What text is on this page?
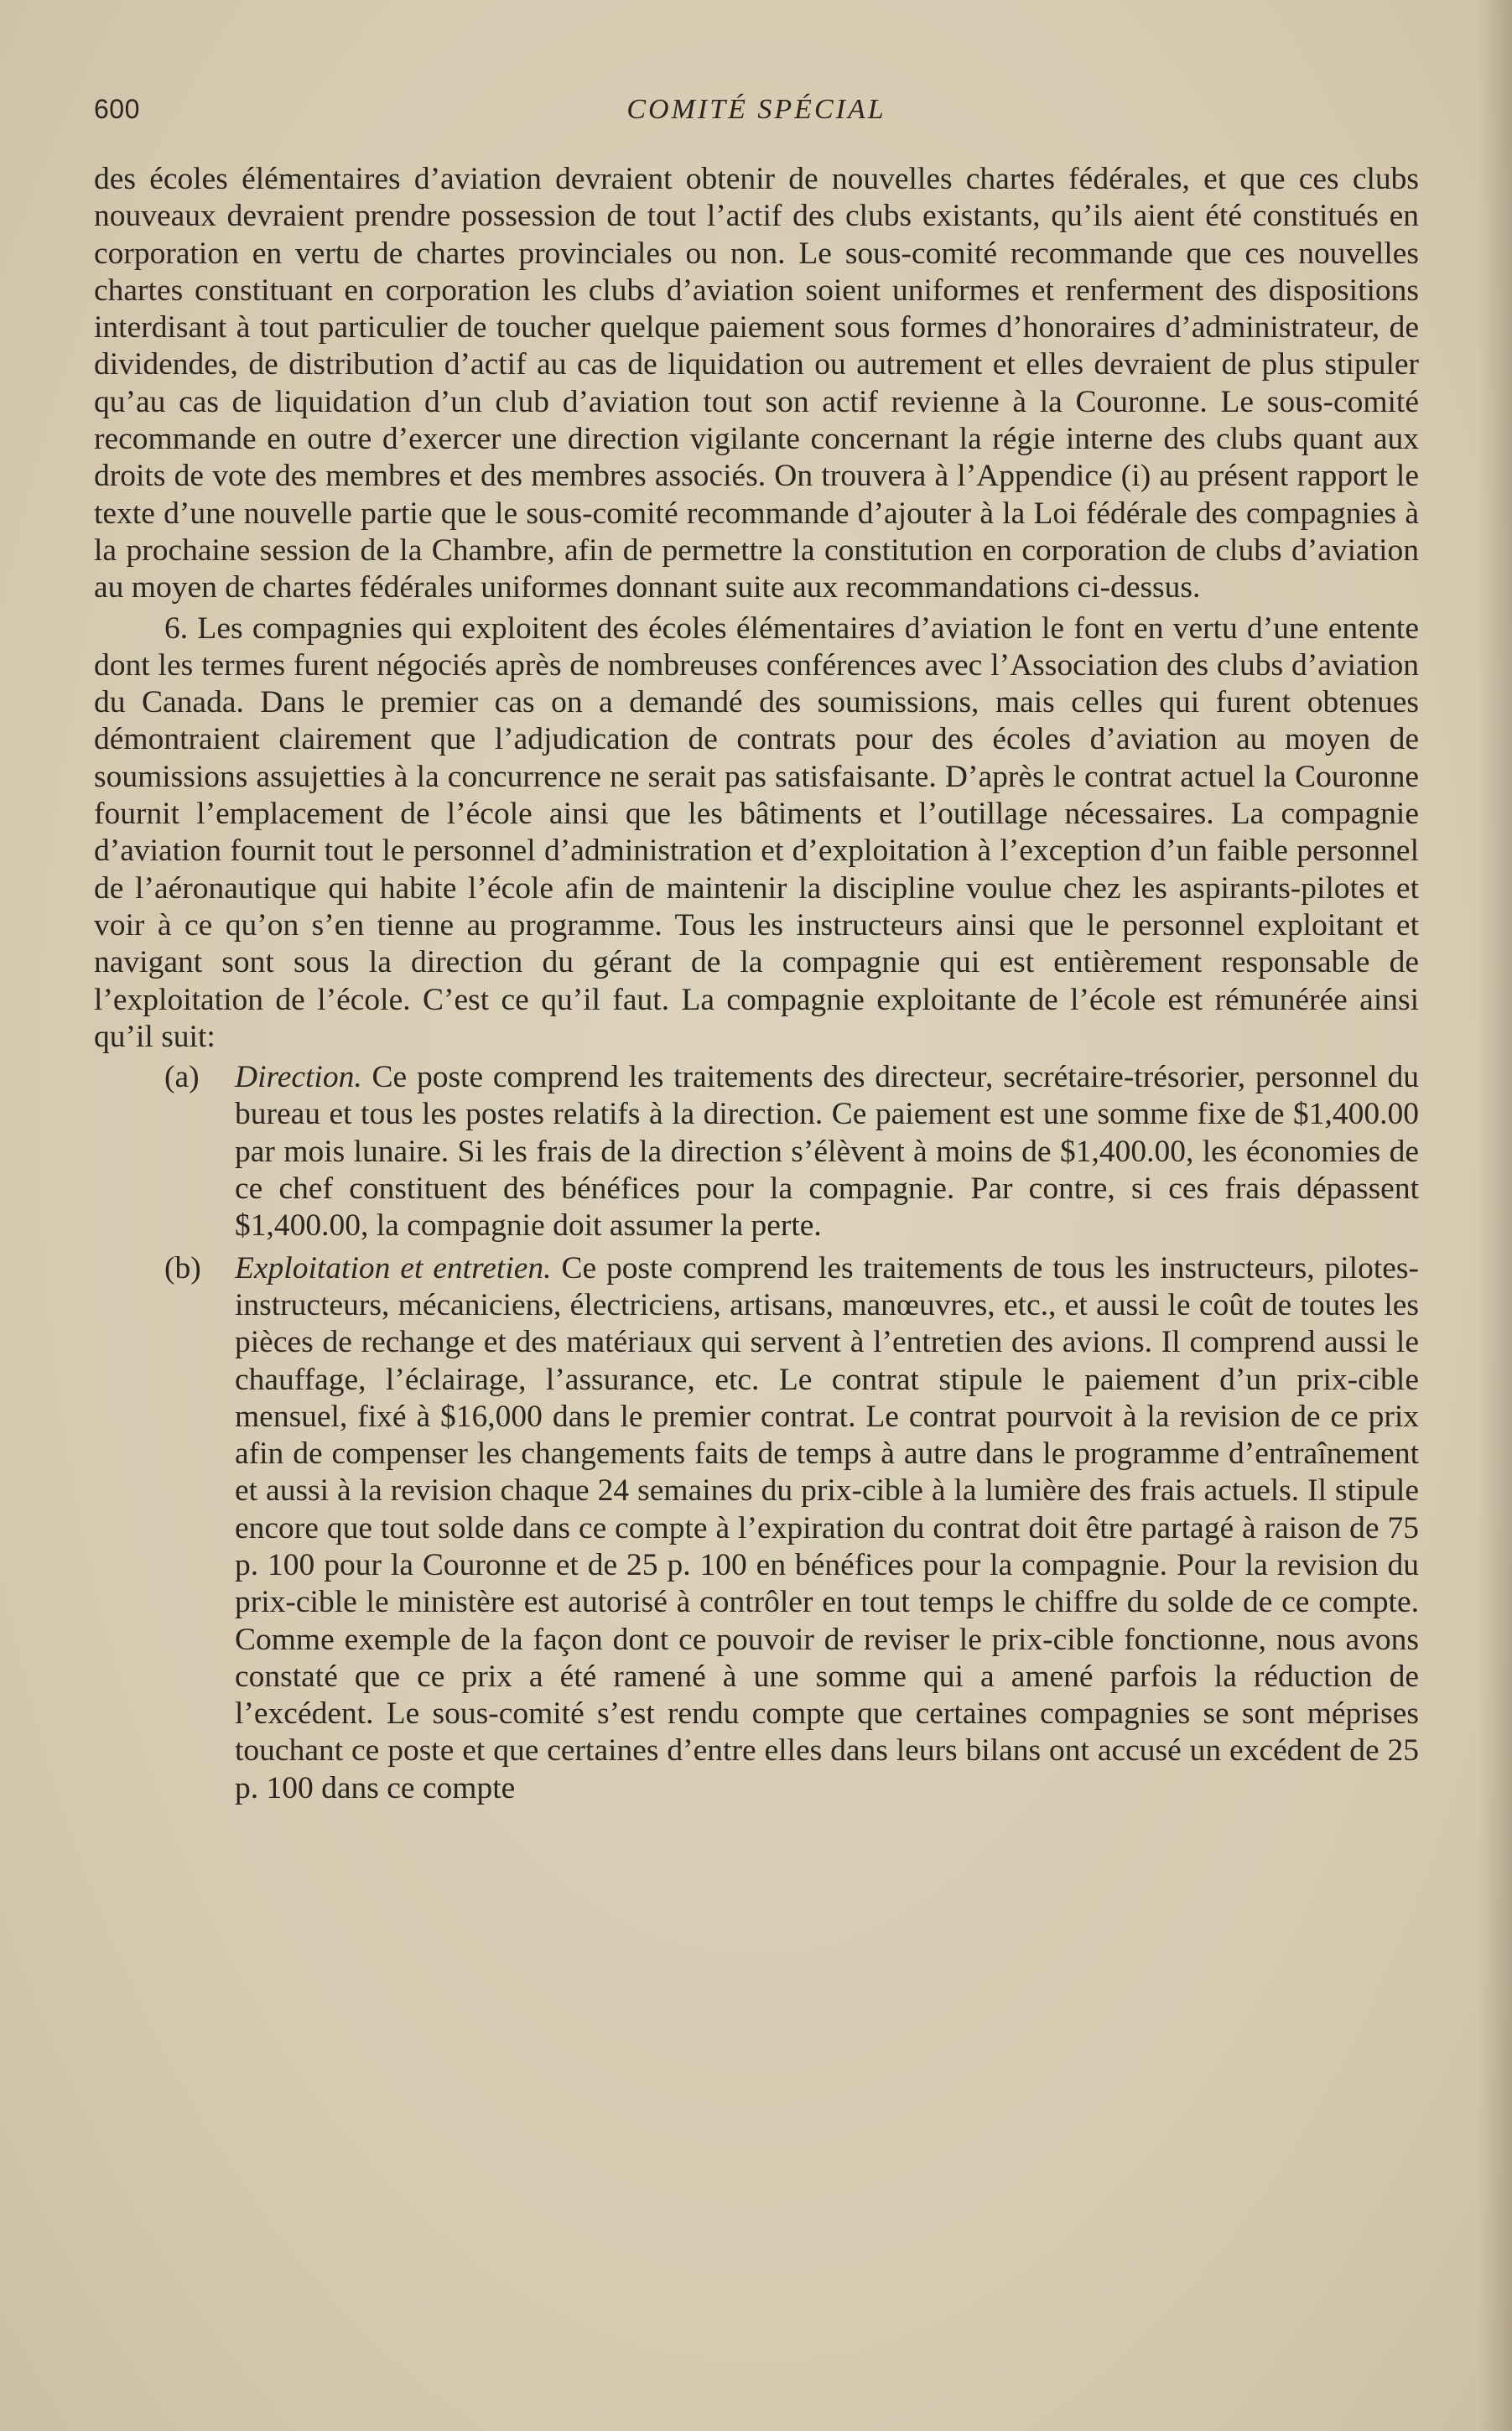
600	COMITÉ SPÉCIAL

des écoles élémentaires d’aviation devraient obtenir de nouvelles chartes fédérales, et que ces clubs nouveaux devraient prendre possession de tout l’actif des clubs existants, qu’ils aient été constitués en corporation en vertu de chartes provinciales ou non. Le sous-comité recommande que ces nouvelles chartes constituant en corporation les clubs d’aviation soient uniformes et renferment des dispositions interdisant à tout particulier de toucher quelque paiement sous formes d’honoraires d’administrateur, de dividendes, de distribution d’actif au cas de liquidation ou autrement et elles devraient de plus stipuler qu’au cas de liquidation d’un club d’aviation tout son actif revienne à la Couronne. Le sous-comité recommande en outre d’exercer une direction vigilante concernant la régie interne des clubs quant aux droits de vote des membres et des membres associés. On trouvera à l’Appendice (i) au présent rapport le texte d’une nouvelle partie que le sous-comité recommande d’ajouter à la Loi fédérale des compagnies à la prochaine session de la Chambre, afin de permettre la constitution en corporation de clubs d’aviation au moyen de chartes fédérales uniformes donnant suite aux recommandations ci-dessus.

6. Les compagnies qui exploitent des écoles élémentaires d’aviation le font en vertu d’une entente dont les termes furent négociés après de nombreuses conférences avec l’Association des clubs d’aviation du Canada. Dans le premier cas on a demandé des soumissions, mais celles qui furent obtenues démontraient clairement que l’adjudication de contrats pour des écoles d’aviation au moyen de soumissions assujetties à la concurrence ne serait pas satisfaisante. D’après le contrat actuel la Couronne fournit l’emplacement de l’école ainsi que les bâtiments et l’outillage nécessaires. La compagnie d’aviation fournit tout le personnel d’administration et d’exploitation à l’exception d’un faible personnel de l’aéronautique qui habite l’école afin de maintenir la discipline voulue chez les aspirants-pilotes et voir à ce qu’on s’en tienne au programme. Tous les instructeurs ainsi que le personnel exploitant et navigant sont sous la direction du gérant de la compagnie qui est entièrement responsable de l’exploitation de l’école. C’est ce qu’il faut. La compagnie exploitante de l’école est rémunérée ainsi qu’il suit:

(a)	Direction. Ce poste comprend les traitements des directeur, secrétaire-trésorier, personnel du bureau et tous les postes relatifs à la direction. Ce paiement est une somme fixe de $1,400.00 par mois lunaire. Si les frais de la direction s’élèvent à moins de $1,400.00, les économies de ce chef constituent des bénéfices pour la compagnie. Par contre, si ces frais dépassent $1,400.00, la compagnie doit assumer la perte.
(b)	Exploitation et entretien. Ce poste comprend les traitements de tous les instructeurs, pilotes-instructeurs, mécaniciens, électriciens, artisans, manœuvres, etc., et aussi le coût de toutes les pièces de rechange et des matériaux qui servent à l’entretien des avions. Il comprend aussi le chauffage, l’éclairage, l’assurance, etc. Le contrat stipule le paiement d’un prix-cible mensuel, fixé à $16,000 dans le premier contrat. Le contrat pourvoit à la revision de ce prix afin de compenser les changements faits de temps à autre dans le programme d’entraînement et aussi à la revision chaque 24 semaines du prix-cible à la lumière des frais actuels. Il stipule encore que tout solde dans ce compte à l’expiration du contrat doit être partagé à raison de 75 p. 100 pour la Couronne et de 25 p. 100 en bénéfices pour la compagnie. Pour la revision du prix-cible le ministère est autorisé à contrôler en tout temps le chiffre du solde de ce compte. Comme exemple de la façon dont ce pouvoir de reviser le prix-cible fonctionne, nous avons constaté que ce prix a été ramené à une somme qui a amené parfois la réduction de l’excédent. Le sous-comité s’est rendu compte que certaines compagnies se sont méprises touchant ce poste et que certaines d’entre elles dans leurs bilans ont accusé un excédent de 25 p. 100 dans ce compte
